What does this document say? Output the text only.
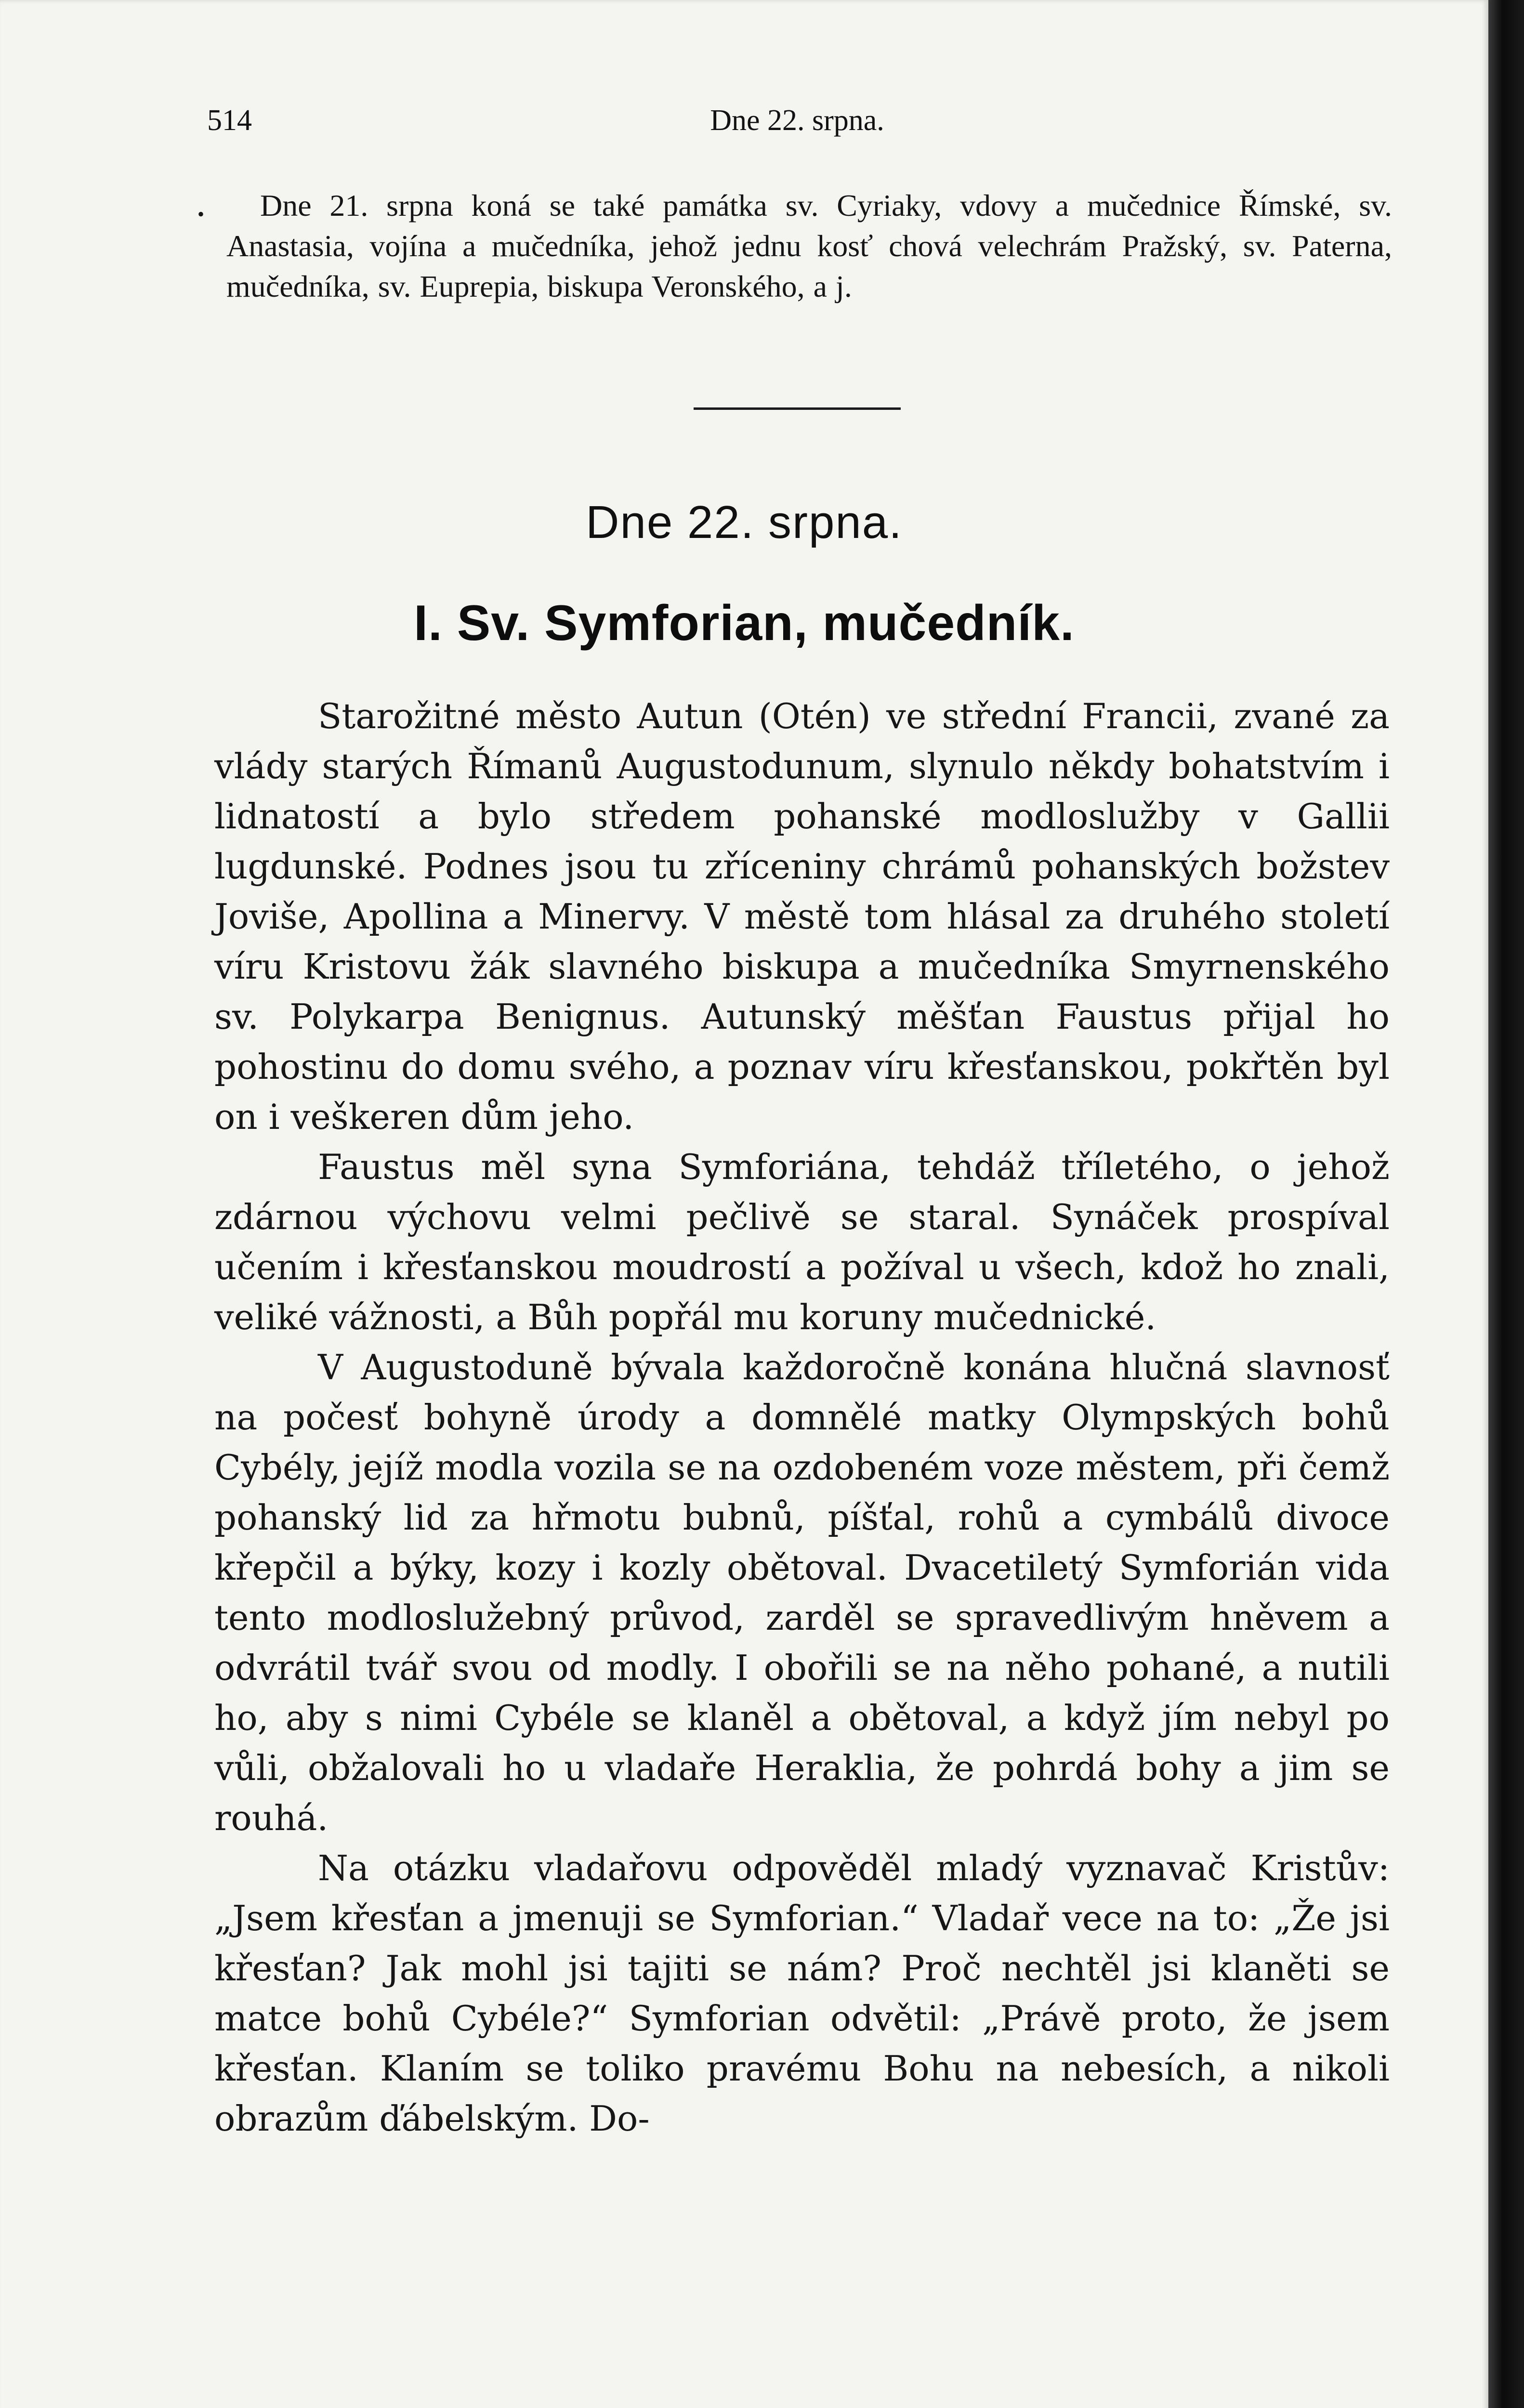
514	Dne 22. srpna.
• Dne 21. srpna koná se také památka sv. Cyriaky, vdovy a mučednice Římské, sv. Anastasia, vojína a mučedníka, jehož jednu kosť chová velechrám Pražský, sv. Paterna, mučedníka, sv. Euprepia, biskupa Veronského, a j.
Dne 22. srpna.
I. Sv. Symforian, mučedník.

Starožitné město Autun (Otén) ve střední Francii, zvané za vlády starých Římanů Augustodunum, slynulo někdy bohatstvím i lidnatostí a bylo středem pohanské modloslužby v Gallii lugdunské. Podnes jsou tu zříceniny chrámů pohanských božstev Joviše, Apollina a Minervy. V městě tom hlásal za druhého století víru Kristovu žák slavného biskupa a mučedníka Smyrnenského sv. Polykarpa Benignus. Autunský měšťan Faustus přijal ho pohostinu do domu svého, a poznav víru křesťanskou, pokřtěn byl on i veškeren dům jeho.

Faustus měl syna Symforiána, tehdáž tříletého, o jehož zdárnou výchovu velmi pečlivě se staral. Synáček prospíval učením i křesťanskou moudrostí a požíval u všech, kdož ho znali, veliké vážnosti, a Bůh popřál mu koruny mučednické.

V Augustoduně bývala každoročně konána hlučná slavnosť na počesť bohyně úrody a domnělé matky Olympských bohů Cybély, jejíž modla vozila se na ozdobeném voze městem, při čemž pohanský lid za hřmotu bubnů, píšťal, rohů a cymbálů divoce křepčil a býky, kozy i kozly obětoval. Dvacetiletý Symforián vida tento modloslužebný průvod, zarděl se spravedlivým hněvem a odvrátil tvář svou od modly. I obořili se na něho pohané, a nutili ho, aby s nimi Cybéle se klaněl a obětoval, a když jím nebyl po vůli, obžalovali ho u vladaře Heraklia, že pohrdá bohy a jim se rouhá.

Na otázku vladařovu odpověděl mladý vyznavač Kristův: „Jsem křesťan a jmenuji se Symforian.“ Vladař vece na to: „Že jsi křesťan? Jak mohl jsi tajiti se nám? Proč nechtěl jsi klaněti se matce bohů Cybéle?“ Symforian odvětil: „Právě proto, že jsem křesťan. Klaním se toliko pravému Bohu na nebesích, a nikoli obrazům ďábelským. Do-
